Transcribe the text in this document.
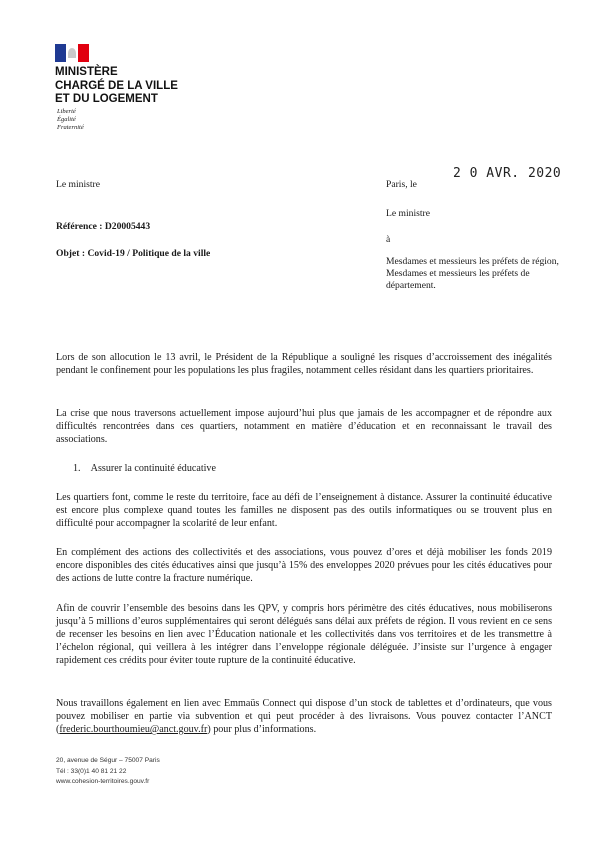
MINISTÈRE
CHARGÉ DE LA VILLE
ET DU LOGEMENT
Liberté
Égalité
Fraternité
Le ministre	Paris, le
2 0 AVR. 2020
Référence : D20005443
Objet : Covid-19 / Politique de la ville
Le ministre
à
Mesdames et messieurs les préfets de région,
Mesdames et messieurs les préfets de
département.
Lors de son allocution le 13 avril, le Président de la République a souligné les risques d’accroissement des inégalités pendant le confinement pour les populations les plus fragiles, notamment celles résidant dans les quartiers prioritaires.
La crise que nous traversons actuellement impose aujourd’hui plus que jamais de les accompagner et de répondre aux difficultés rencontrées dans ces quartiers, notamment en matière d’éducation et en reconnaissant le travail des associations.
1. Assurer la continuité éducative
Les quartiers font, comme le reste du territoire, face au défi de l’enseignement à distance. Assurer la continuité éducative est encore plus complexe quand toutes les familles ne disposent pas des outils informatiques ou se trouvent plus en difficulté pour accompagner la scolarité de leur enfant.
En complément des actions des collectivités et des associations, vous pouvez d’ores et déjà mobiliser les fonds 2019 encore disponibles des cités éducatives ainsi que jusqu’à 15% des enveloppes 2020 prévues pour les cités éducatives pour des actions de lutte contre la fracture numérique.
Afin de couvrir l’ensemble des besoins dans les QPV, y compris hors périmètre des cités éducatives, nous mobiliserons jusqu’à 5 millions d’euros supplémentaires qui seront délégués sans délai aux préfets de région. Il vous revient en ce sens de recenser les besoins en lien avec l’Éducation nationale et les collectivités dans vos territoires et de les transmettre à l’échelon régional, qui veillera à les intégrer dans l’enveloppe régionale déléguée. J’insiste sur l’urgence à engager rapidement ces crédits pour éviter toute rupture de la continuité éducative.
Nous travaillons également en lien avec Emmaüs Connect qui dispose d’un stock de tablettes et d’ordinateurs, que vous pouvez mobiliser en partie via subvention et qui peut procéder à des livraisons. Vous pouvez contacter l’ANCT (frederic.bourthoumieu@anct.gouv.fr) pour plus d’informations.
20, avenue de Ségur – 75007 Paris
Tél : 33(0)1 40 81 21 22
www.cohesion-territoires.gouv.fr
